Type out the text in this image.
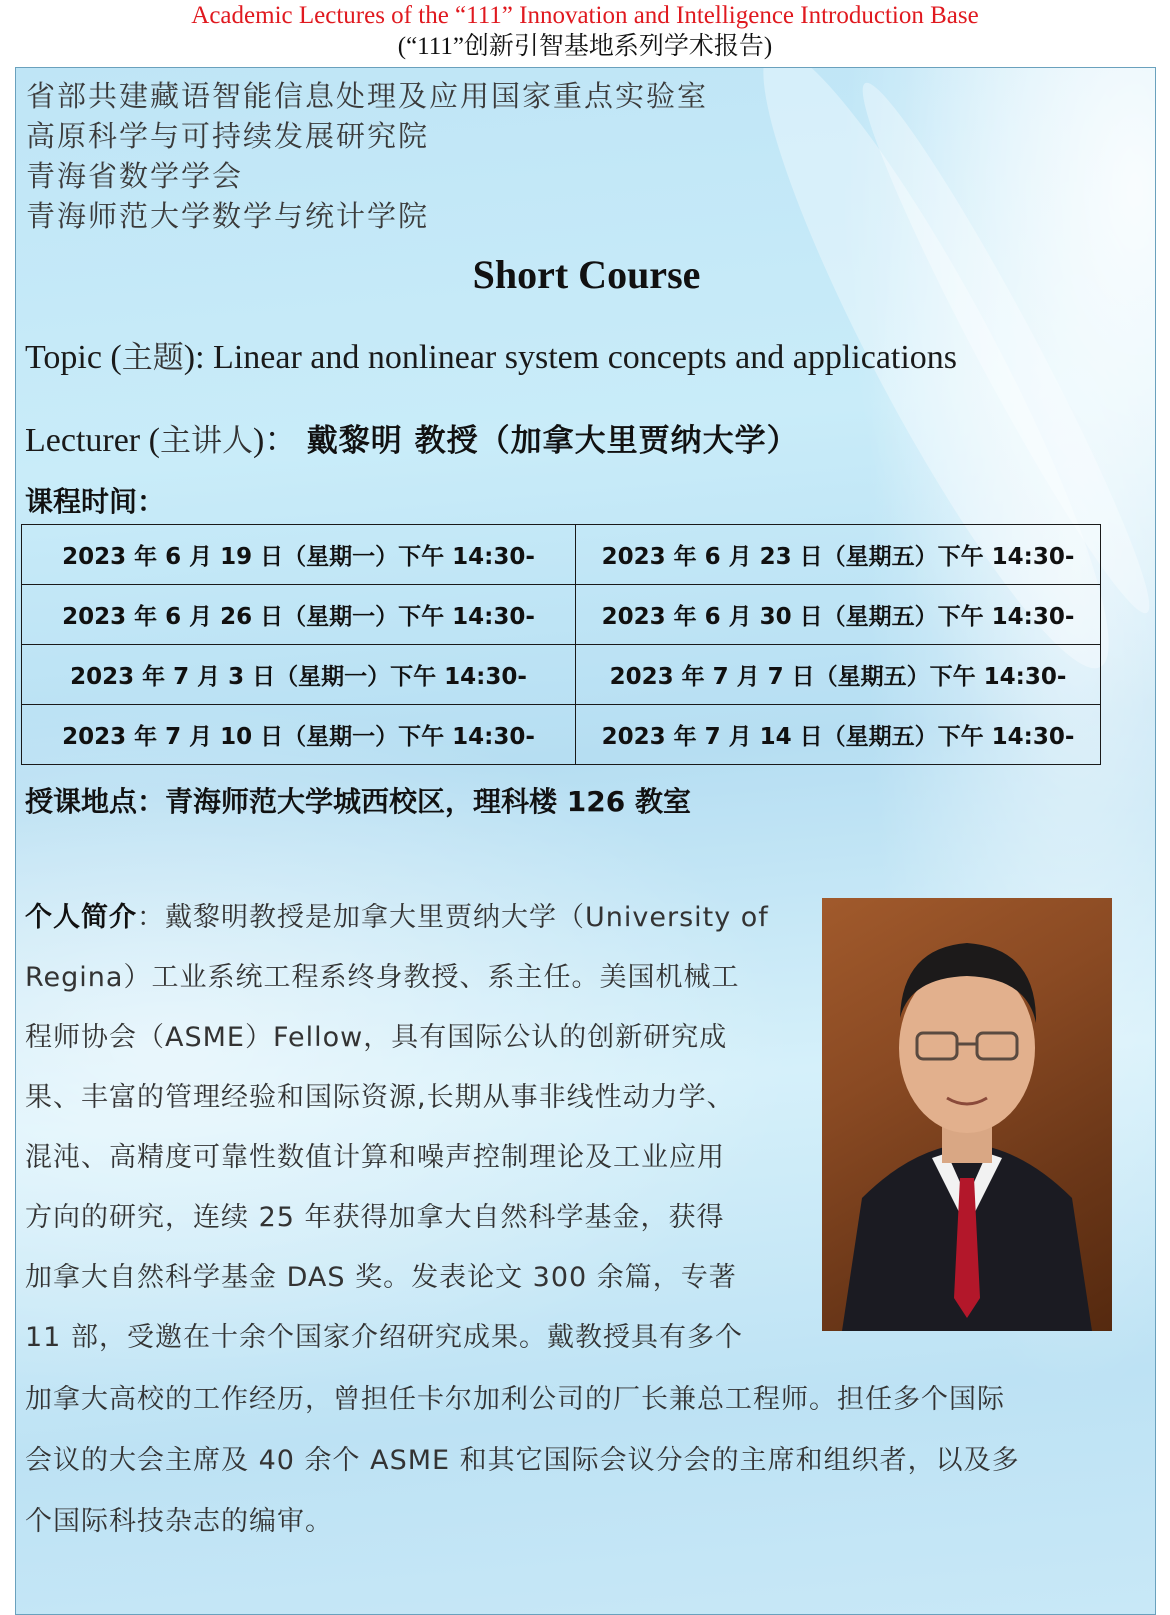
Academic Lectures of the “111” Innovation and Intelligence Introduction Base
(“111”创新引智基地系列学术报告)
省部共建藏语智能信息处理及应用国家重点实验室
高原科学与可持续发展研究院
青海省数学学会
青海师范大学数学与统计学院
Short Course
Topic (主题): Linear and nonlinear system concepts and applications
Lecturer (主讲人)： 戴黎明 教授（加拿大里贾纳大学）
课程时间：
2023 年 6 月 19 日（星期一）下午 14:30-	2023 年 6 月 23 日（星期五）下午 14:30-
2023 年 6 月 26 日（星期一）下午 14:30-	2023 年 6 月 30 日（星期五）下午 14:30-
2023 年 7 月 3 日（星期一）下午 14:30-	2023 年 7 月 7 日（星期五）下午 14:30-
2023 年 7 月 10 日（星期一）下午 14:30-	2023 年 7 月 14 日（星期五）下午 14:30-
授课地点：青海师范大学城西校区，理科楼 126 教室
个人简介：戴黎明教授是加拿大里贾纳大学（University of
Regina）工业系统工程系终身教授、系主任。美国机械工
程师协会（ASME）Fellow，具有国际公认的创新研究成
果、丰富的管理经验和国际资源,长期从事非线性动力学、
混沌、高精度可靠性数值计算和噪声控制理论及工业应用
方向的研究，连续 25 年获得加拿大自然科学基金，获得
加拿大自然科学基金 DAS 奖。发表论文 300 余篇，专著
11 部，受邀在十余个国家介绍研究成果。戴教授具有多个
加拿大高校的工作经历，曾担任卡尔加利公司的厂长兼总工程师。担任多个国际
会议的大会主席及 40 余个 ASME 和其它国际会议分会的主席和组织者，以及多
个国际科技杂志的编审。
